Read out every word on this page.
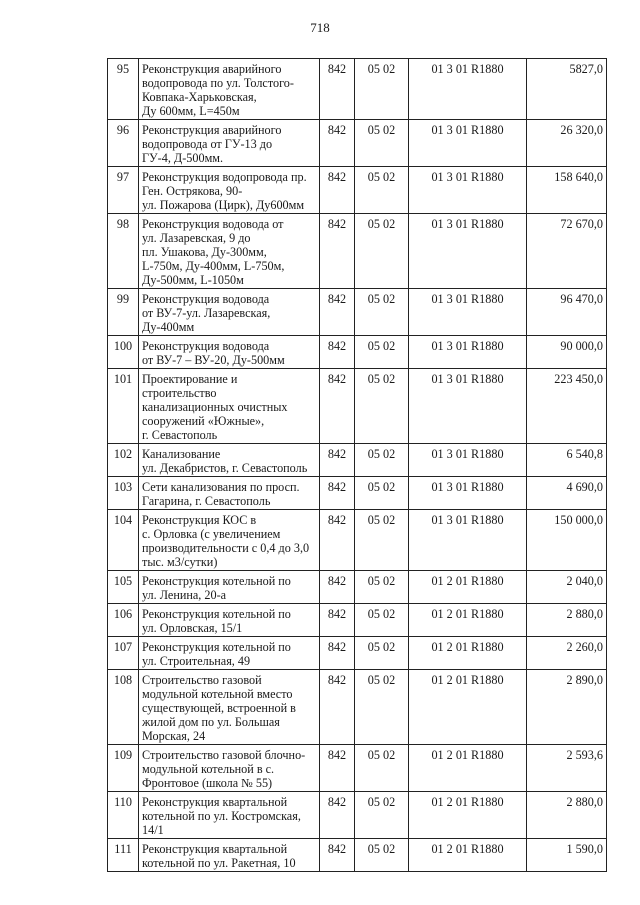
718
95	Реконструкция аварийного
водопровода по ул. Толстого-
Ковпака-Харьковская,
Ду 600мм, L=450м	842	05 02	01 3 01 R1880	5827,0
96	Реконструкция аварийного
водопровода от ГУ-13 до
ГУ-4, Д-500мм.	842	05 02	01 3 01 R1880	26 320,0
97	Реконструкция водопровода пр.
Ген. Острякова, 90-
ул. Пожарова (Цирк), Ду600мм	842	05 02	01 3 01 R1880	158 640,0
98	Реконструкция водовода от
ул. Лазаревская, 9 до
пл. Ушакова, Ду-300мм,
L-750м, Ду-400мм, L-750м,
Ду-500мм, L-1050м	842	05 02	01 3 01 R1880	72 670,0
99	Реконструкция водовода
от ВУ-7-ул. Лазаревская,
Ду-400мм	842	05 02	01 3 01 R1880	96 470,0
100	Реконструкция водовода
от ВУ-7 – ВУ-20, Ду-500мм	842	05 02	01 3 01 R1880	90 000,0
101	Проектирование и
строительство
канализационных очистных
сооружений «Южные»,
г. Севастополь	842	05 02	01 3 01 R1880	223 450,0
102	Канализование
ул. Декабристов, г. Севастополь	842	05 02	01 3 01 R1880	6 540,8
103	Сети канализования по просп.
Гагарина, г. Севастополь	842	05 02	01 3 01 R1880	4 690,0
104	Реконструкция КОС в
с. Орловка (с увеличением
производительности с 0,4 до 3,0
тыс. м3/сутки)	842	05 02	01 3 01 R1880	150 000,0
105	Реконструкция котельной по
ул. Ленина, 20-а	842	05 02	01 2 01 R1880	2 040,0
106	Реконструкция котельной по
ул. Орловская, 15/1	842	05 02	01 2 01 R1880	2 880,0
107	Реконструкция котельной по
ул. Строительная, 49	842	05 02	01 2 01 R1880	2 260,0
108	Строительство газовой
модульной котельной вместо
существующей, встроенной в
жилой дом по ул. Большая
Морская, 24	842	05 02	01 2 01 R1880	2 890,0
109	Строительство газовой блочно-
модульной котельной в с.
Фронтовое (школа № 55)	842	05 02	01 2 01 R1880	2 593,6
110	Реконструкция квартальной
котельной по ул. Костромская,
14/1	842	05 02	01 2 01 R1880	2 880,0
111	Реконструкция квартальной
котельной по ул. Ракетная, 10	842	05 02	01 2 01 R1880	1 590,0
